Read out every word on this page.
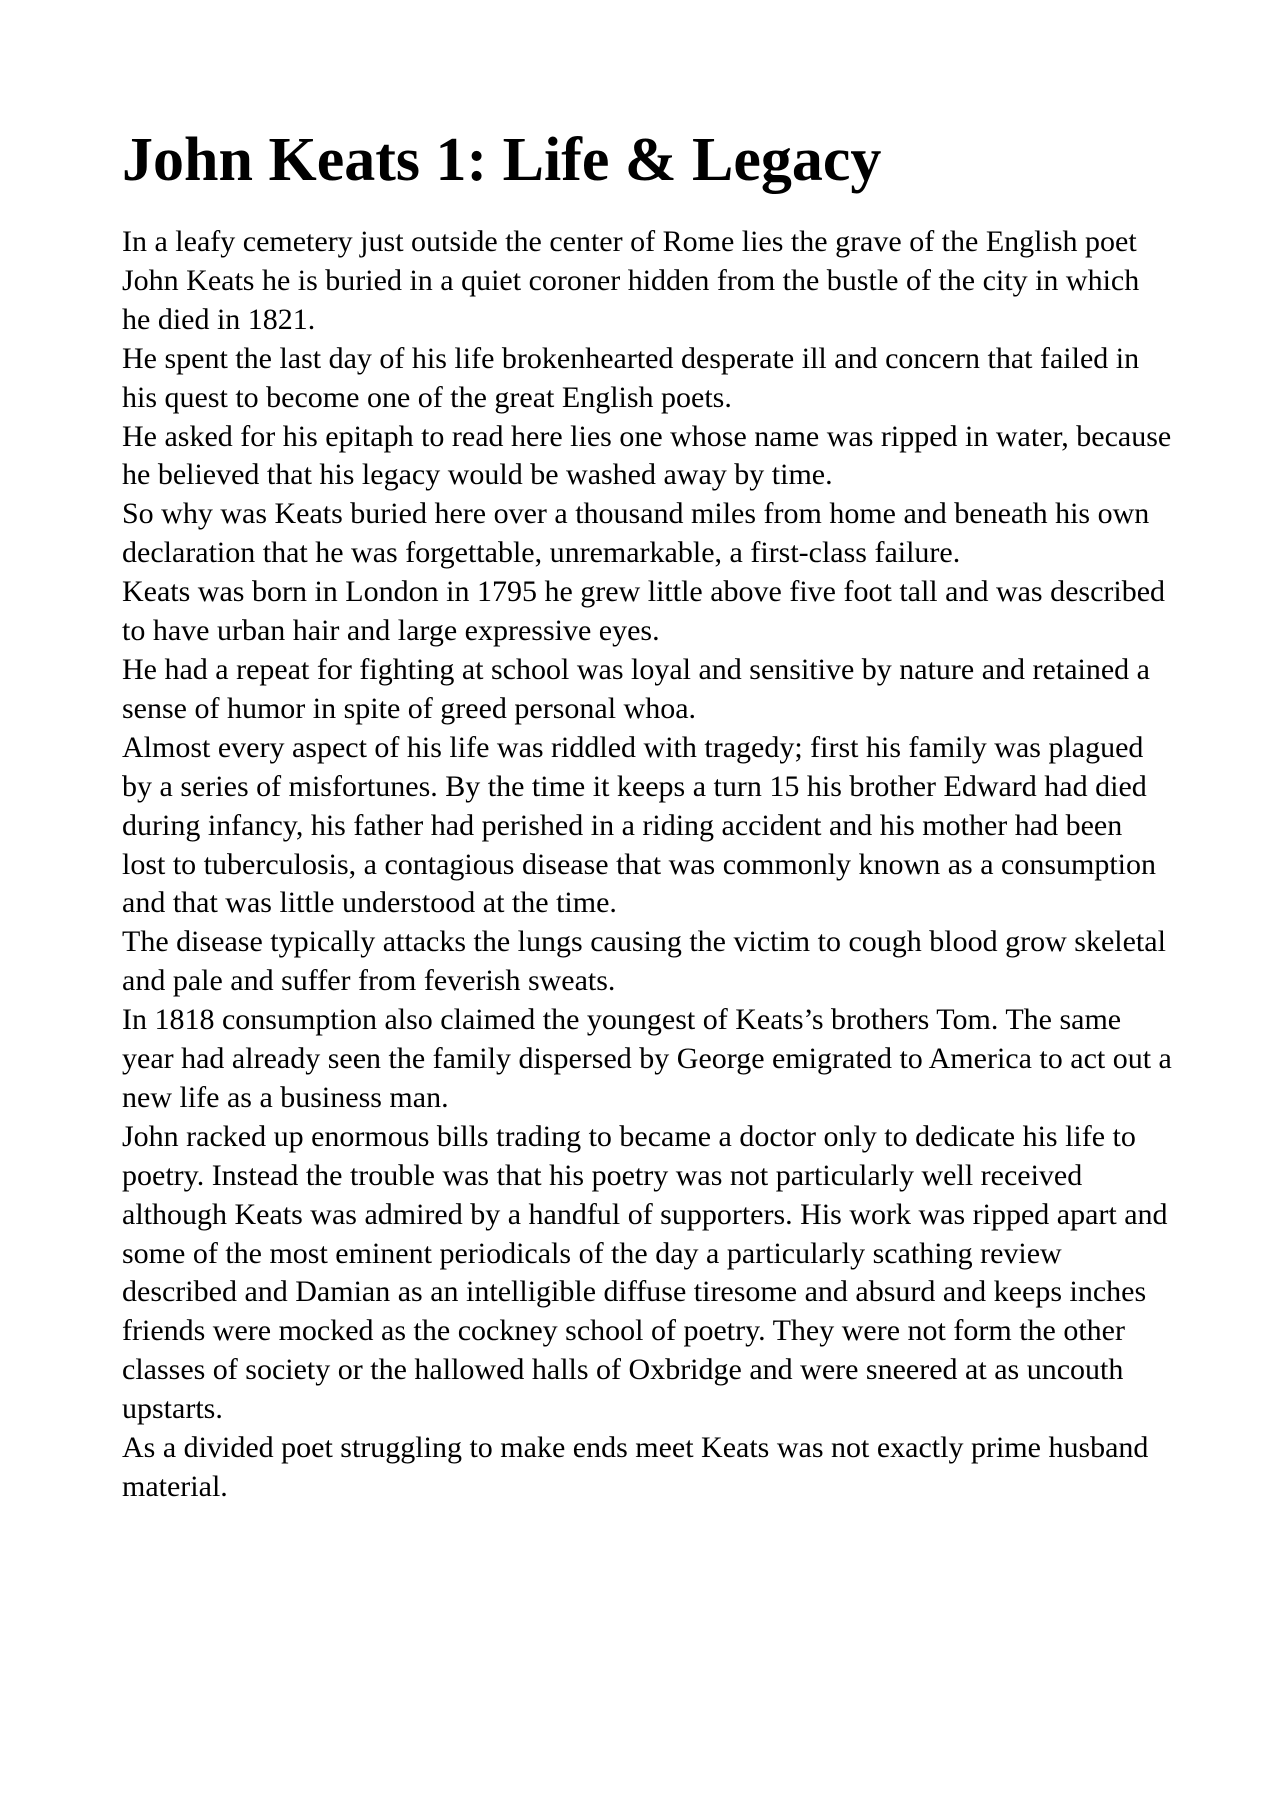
John Keats 1: Life & Legacy

In a leafy cemetery just outside the center of Rome lies the grave of the English poet John Keats he is buried in a quiet coroner hidden from the bustle of the city in which he died in 1821.

He spent the last day of his life brokenhearted desperate ill and concern that failed in his quest to become one of the great English poets.

He asked for his epitaph to read here lies one whose name was ripped in water, because he believed that his legacy would be washed away by time.

So why was Keats buried here over a thousand miles from home and beneath his own declaration that he was forgettable, unremarkable, a first-class failure.

Keats was born in London in 1795 he grew little above five foot tall and was described to have urban hair and large expressive eyes.

He had a repeat for fighting at school was loyal and sensitive by nature and retained a sense of humor in spite of greed personal whoa.

Almost every aspect of his life was riddled with tragedy; first his family was plagued by a series of misfortunes. By the time it keeps a turn 15 his brother Edward had died during infancy, his father had perished in a riding accident and his mother had been lost to tuberculosis, a contagious disease that was commonly known as a consumption and that was little understood at the time.

The disease typically attacks the lungs causing the victim to cough blood grow skeletal and pale and suffer from feverish sweats.

In 1818 consumption also claimed the youngest of Keats’s brothers Tom. The same year had already seen the family dispersed by George emigrated to America to act out a new life as a business man.

John racked up enormous bills trading to became a doctor only to dedicate his life to poetry. Instead the trouble was that his poetry was not particularly well received although Keats was admired by a handful of supporters. His work was ripped apart and some of the most eminent periodicals of the day a particularly scathing review described and Damian as an intelligible diffuse tiresome and absurd and keeps inches friends were mocked as the cockney school of poetry. They were not form the other classes of society or the hallowed halls of Oxbridge and were sneered at as uncouth upstarts.

As a divided poet struggling to make ends meet Keats was not exactly prime husband material.
